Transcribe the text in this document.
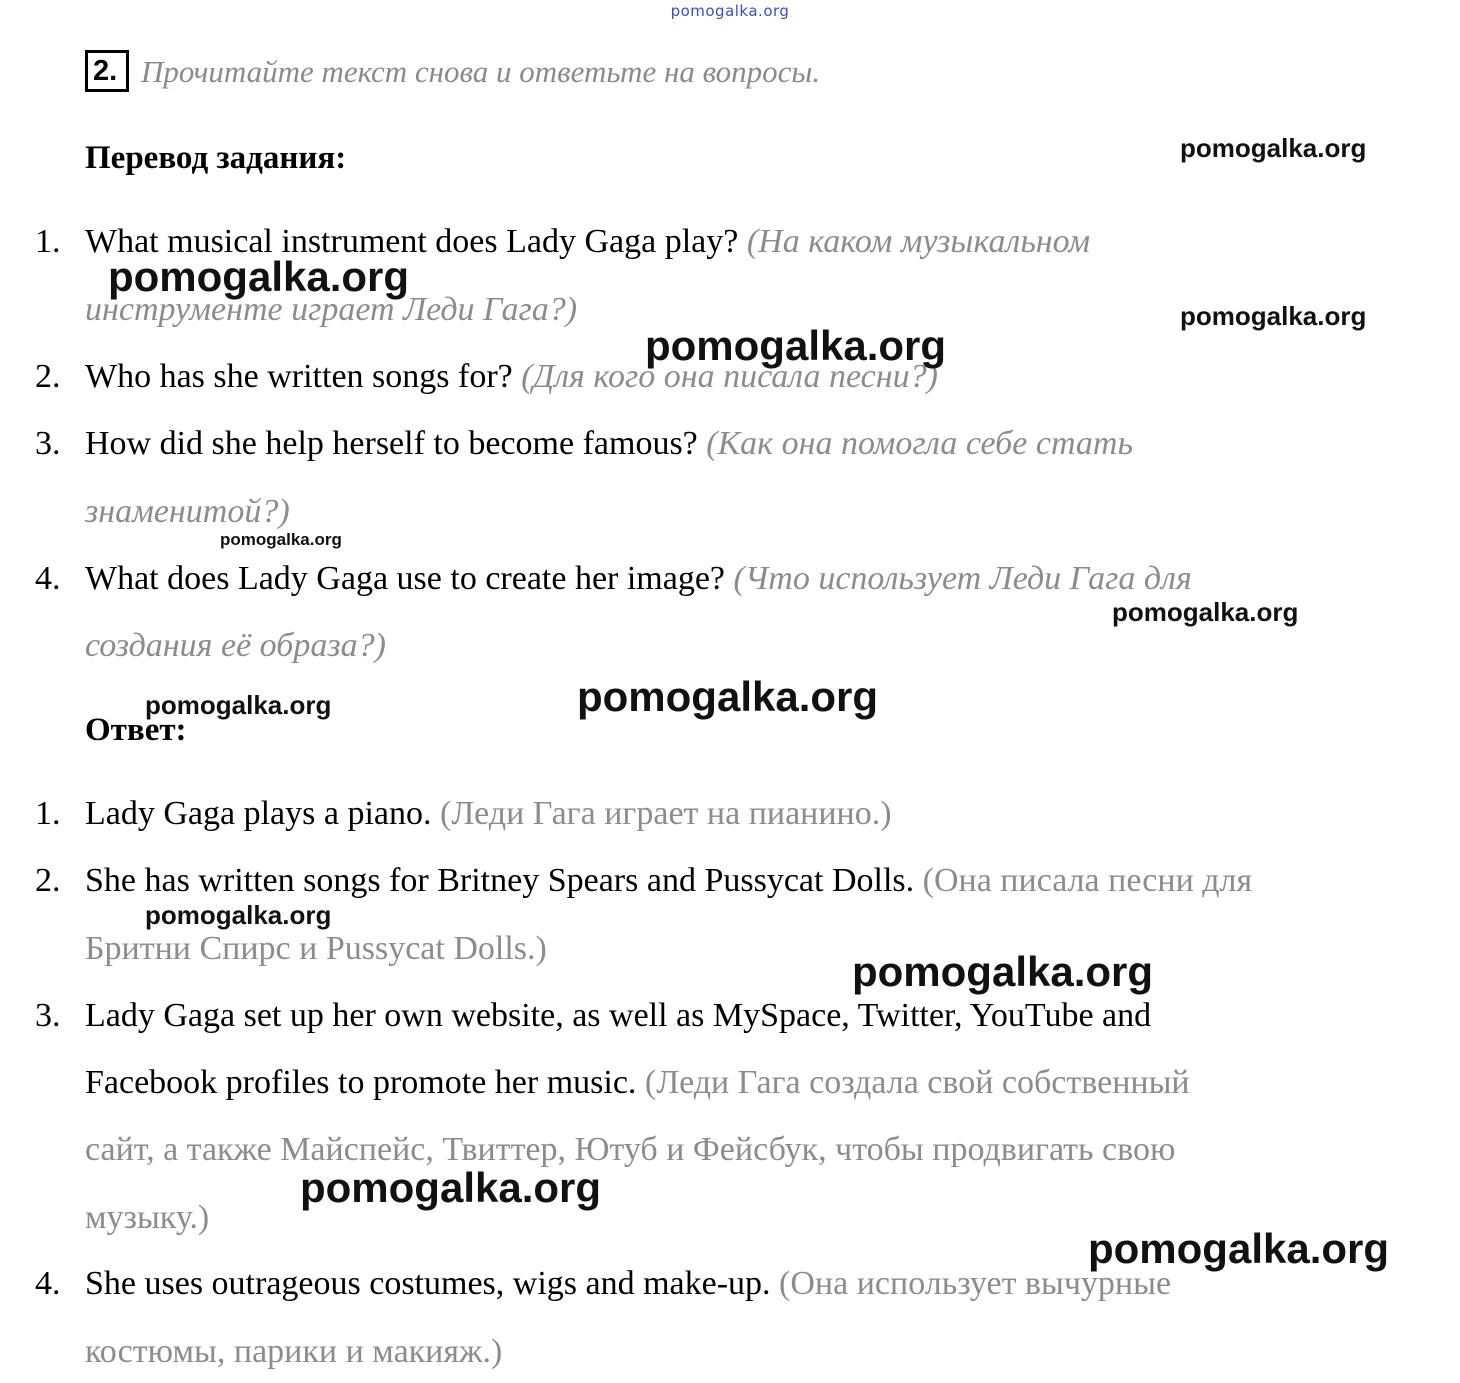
pomogalka.org
2. Прочитайте текст снова и ответьте на вопросы.
Перевод задания:
1. What musical instrument does Lady Gaga play? (На каком музыкальном
инструменте играет Леди Гага?)
2. Who has she written songs for? (Для кого она писала песни?)
3. How did she help herself to become famous? (Как она помогла себе стать
знаменитой?)
4. What does Lady Gaga use to create her image? (Что использует Леди Гага для
создания её образа?)
Ответ:
1. Lady Gaga plays a piano. (Леди Гага играет на пианино.)
2. She has written songs for Britney Spears and Pussycat Dolls. (Она писала песни для
Бритни Спирс и Pussycat Dolls.)
3. Lady Gaga set up her own website, as well as MySpace, Twitter, YouTube and
Facebook profiles to promote her music. (Леди Гага создала свой собственный
сайт, а также Майспейс, Твиттер, Ютуб и Фейсбук, чтобы продвигать свою
музыку.)
4. She uses outrageous costumes, wigs and make-up. (Она использует вычурные
костюмы, парики и макияж.)
pomogalka.org
pomogalka.org
pomogalka.org
pomogalka.org
pomogalka.org
pomogalka.org
pomogalka.org
pomogalka.org
pomogalka.org
pomogalka.org
pomogalka.org
pomogalka.org
